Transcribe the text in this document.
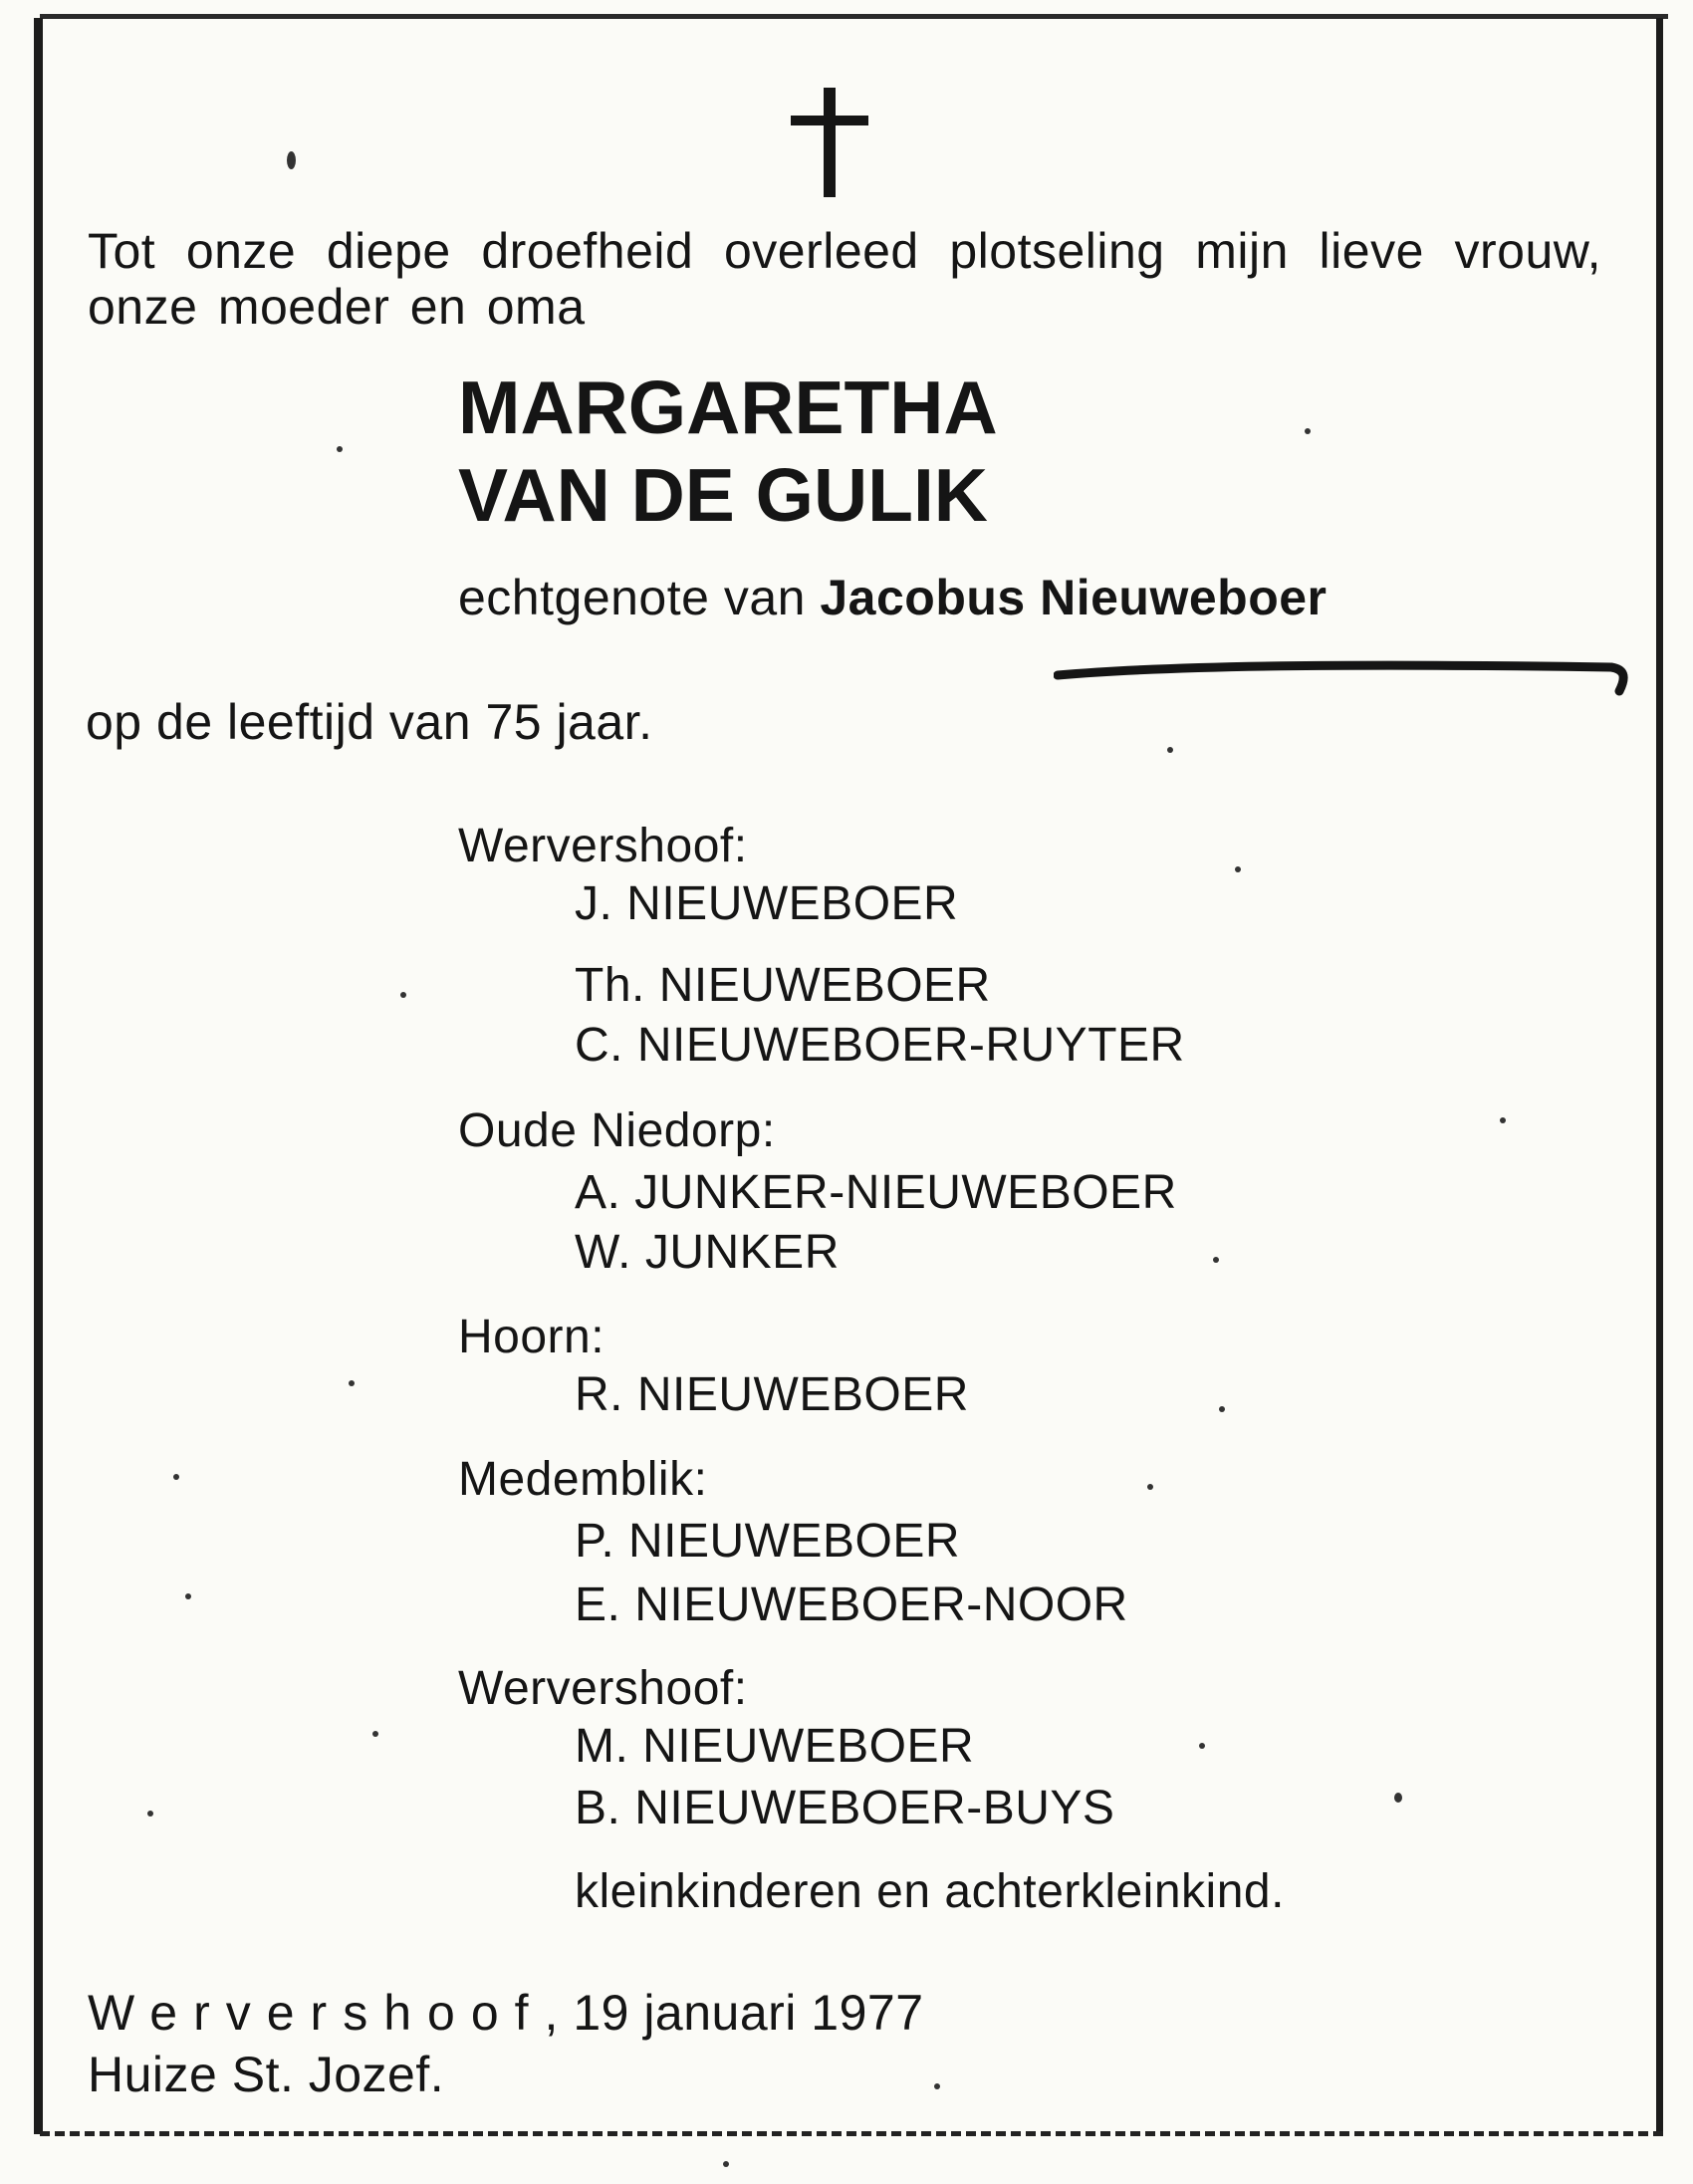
Tot onze diepe droefheid overleed plotseling mijn lieve vrouw, onze moeder en oma

MARGARETHA
VAN DE GULIK

echtgenote van Jacobus Nieuweboer

op de leeftijd van 75 jaar.

Wervershoof:

J. NIEUWEBOER

Th. NIEUWEBOER

C. NIEUWEBOER-RUYTER

Oude Niedorp:

A. JUNKER-NIEUWEBOER

W. JUNKER

Hoorn:

R. NIEUWEBOER

Medemblik:

P. NIEUWEBOER

E. NIEUWEBOER-NOOR

Wervershoof:

M. NIEUWEBOER

B. NIEUWEBOER-BUYS

kleinkinderen en achterkleinkind.

Wervershoof, 19 januari 1977

Huize St. Jozef.
